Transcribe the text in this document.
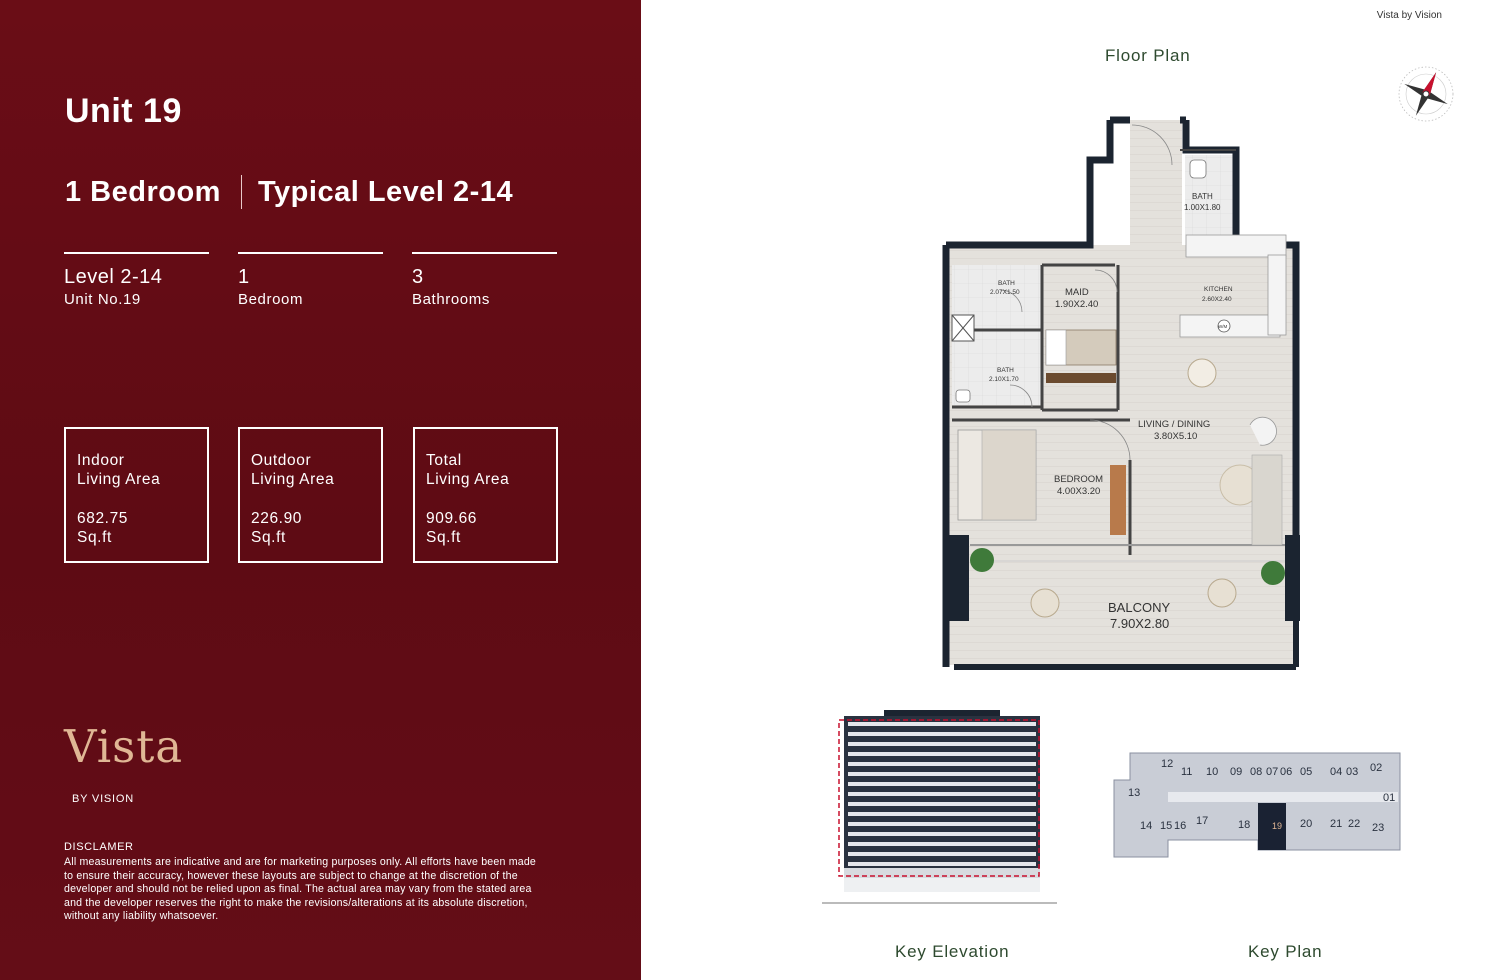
Unit 19
1 Bedroom Typical Level 2-14
Level 2-14
Unit No.19
1
Bedroom
3
Bathrooms
Indoor
Living Area
682.75
Sq.ft
Outdoor
Living Area
226.90
Sq.ft
Total
Living Area
909.66
Sq.ft
Vista
BY VISION
DISCLAMER
All measurements are indicative and are for marketing purposes only. All efforts have been made to ensure their accuracy, however these layouts are subject to change at the discretion of the developer and should not be relied upon as final. The actual area may vary from the stated area and the developer reserves the right to make the revisions/alterations at its absolute discretion, without any liability whatsoever.
Vista by Vision
Floor Plan
BATH
1.00X1.80
BATH
2.07X1.50	MAID
1.90X2.40
KITCHEN
2.60X2.40
W/M
BATH
2.10X1.70
LIVING / DINING
3.80X5.10
BEDROOM
4.00X3.20
BALCONY
7.90X2.80
Key Elevation
12
11 10 09 08 07 06 05 04 03 02
13	01
14 15 16 17	18 19 20 21 22 23
Key Plan
